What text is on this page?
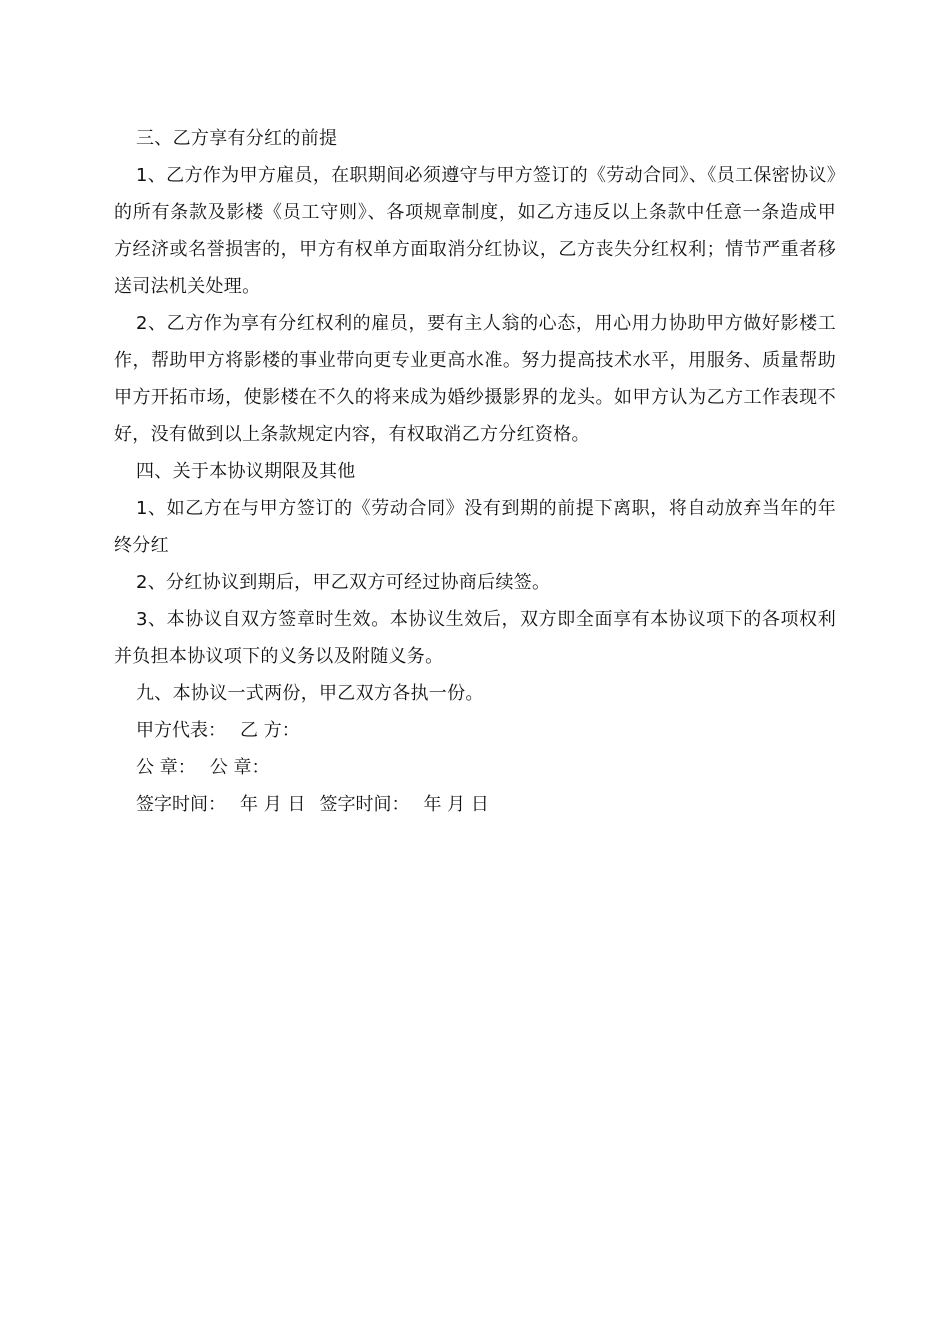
三、乙方享有分红的前提

1、乙方作为甲方雇员，在职期间必须遵守与甲方签订的《劳动合同》、《员工保密协议》的所有条款及影楼《员工守则》、各项规章制度，如乙方违反以上条款中任意一条造成甲方经济或名誉损害的，甲方有权单方面取消分红协议，乙方丧失分红权利；情节严重者移送司法机关处理。

2、乙方作为享有分红权利的雇员，要有主人翁的心态，用心用力协助甲方做好影楼工作，帮助甲方将影楼的事业带向更专业更高水准。努力提高技术水平，用服务、质量帮助甲方开拓市场，使影楼在不久的将来成为婚纱摄影界的龙头。如甲方认为乙方工作表现不好，没有做到以上条款规定内容，有权取消乙方分红资格。

四、关于本协议期限及其他

1、如乙方在与甲方签订的《劳动合同》没有到期的前提下离职，将自动放弃当年的年终分红

2、分红协议到期后，甲乙双方可经过协商后续签。

3、本协议自双方签章时生效。本协议生效后，双方即全面享有本协议项下的各项权利并负担本协议项下的义务以及附随义务。

九、本协议一式两份，甲乙双方各执一份。

甲方代表： 乙 方：
公 章： 公 章：
签字时间： 年 月 日 签字时间： 年 月 日
